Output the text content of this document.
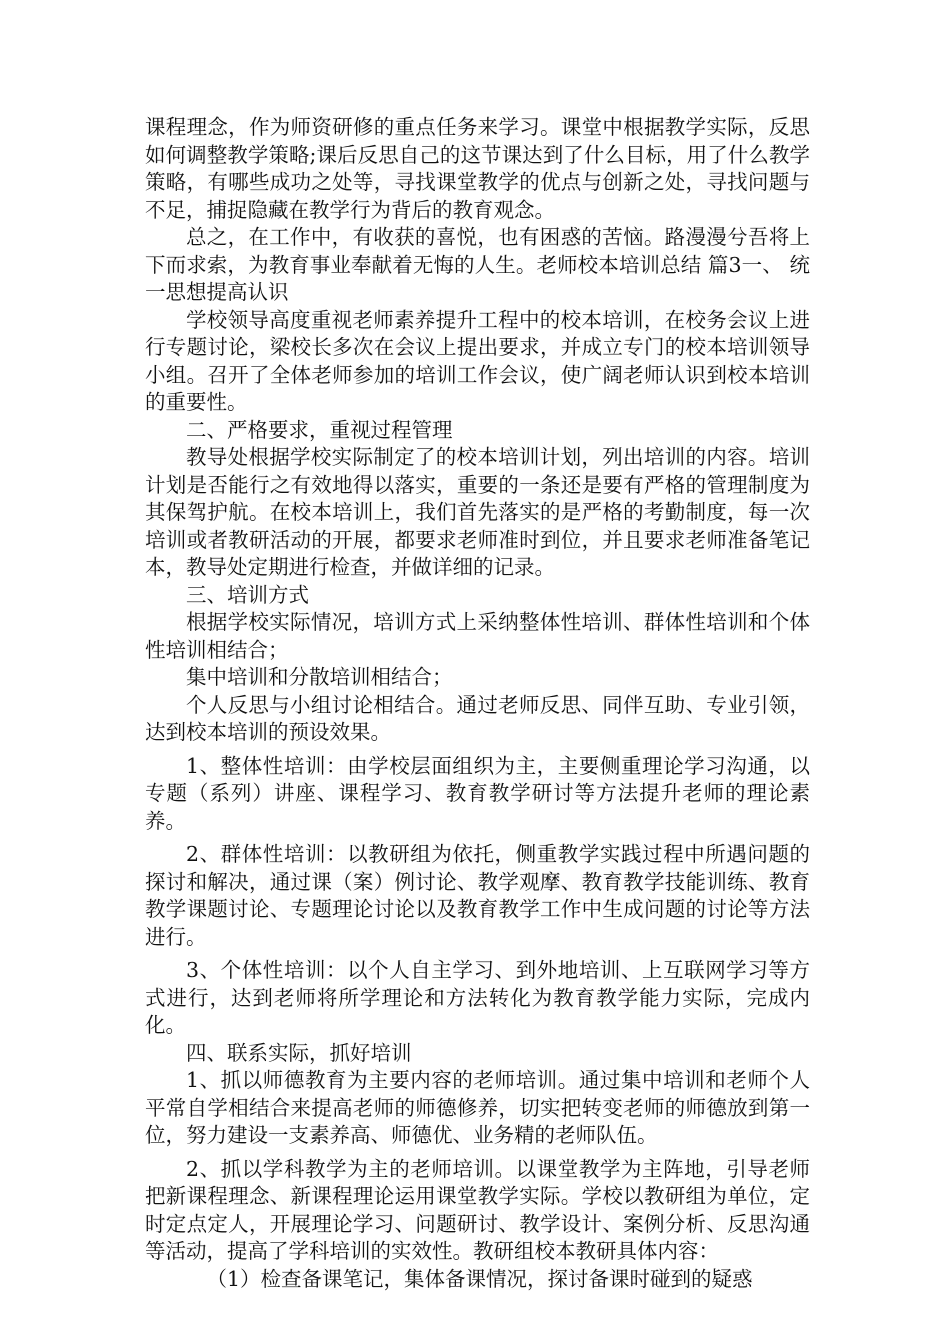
课程理念，作为师资研修的重点任务来学习。课堂中根据教学实际，反思如何调整教学策略;课后反思自己的这节课达到了什么目标，用了什么教学策略，有哪些成功之处等，寻找课堂教学的优点与创新之处，寻找问题与不足，捕捉隐藏在教学行为背后的教育观念。

总之，在工作中，有收获的喜悦，也有困惑的苦恼。路漫漫兮吾将上下而求索，为教育事业奉献着无悔的人生。老师校本培训总结 篇3一、 统一思想提高认识

学校领导高度重视老师素养提升工程中的校本培训，在校务会议上进行专题讨论，梁校长多次在会议上提出要求，并成立专门的校本培训领导小组。召开了全体老师参加的培训工作会议，使广阔老师认识到校本培训的重要性。

二、严格要求，重视过程管理

教导处根据学校实际制定了的校本培训计划，列出培训的内容。培训计划是否能行之有效地得以落实，重要的一条还是要有严格的管理制度为其保驾护航。在校本培训上，我们首先落实的是严格的考勤制度，每一次培训或者教研活动的开展，都要求老师准时到位，并且要求老师准备笔记本，教导处定期进行检查，并做详细的记录。

三、培训方式

根据学校实际情况，培训方式上采纳整体性培训、群体性培训和个体性培训相结合；

集中培训和分散培训相结合；

个人反思与小组讨论相结合。通过老师反思、同伴互助、专业引领，达到校本培训的预设效果。

1、整体性培训：由学校层面组织为主，主要侧重理论学习沟通，以专题（系列）讲座、课程学习、教育教学研讨等方法提升老师的理论素养。

2、群体性培训：以教研组为依托，侧重教学实践过程中所遇问题的探讨和解决，通过课（案）例讨论、教学观摩、教育教学技能训练、教育教学课题讨论、专题理论讨论以及教育教学工作中生成问题的讨论等方法进行。

3、个体性培训：以个人自主学习、到外地培训、上互联网学习等方式进行，达到老师将所学理论和方法转化为教育教学能力实际，完成内化。

四、联系实际，抓好培训

1、抓以师德教育为主要内容的老师培训。通过集中培训和老师个人平常自学相结合来提高老师的师德修养，切实把转变老师的师德放到第一位，努力建设一支素养高、师德优、业务精的老师队伍。

2、抓以学科教学为主的老师培训。以课堂教学为主阵地，引导老师把新课程理念、新课程理论运用课堂教学实际。学校以教研组为单位，定时定点定人，开展理论学习、问题研讨、教学设计、案例分析、反思沟通等活动，提高了学科培训的实效性。教研组校本教研具体内容：

（1）检查备课笔记，集体备课情况，探讨备课时碰到的疑惑
